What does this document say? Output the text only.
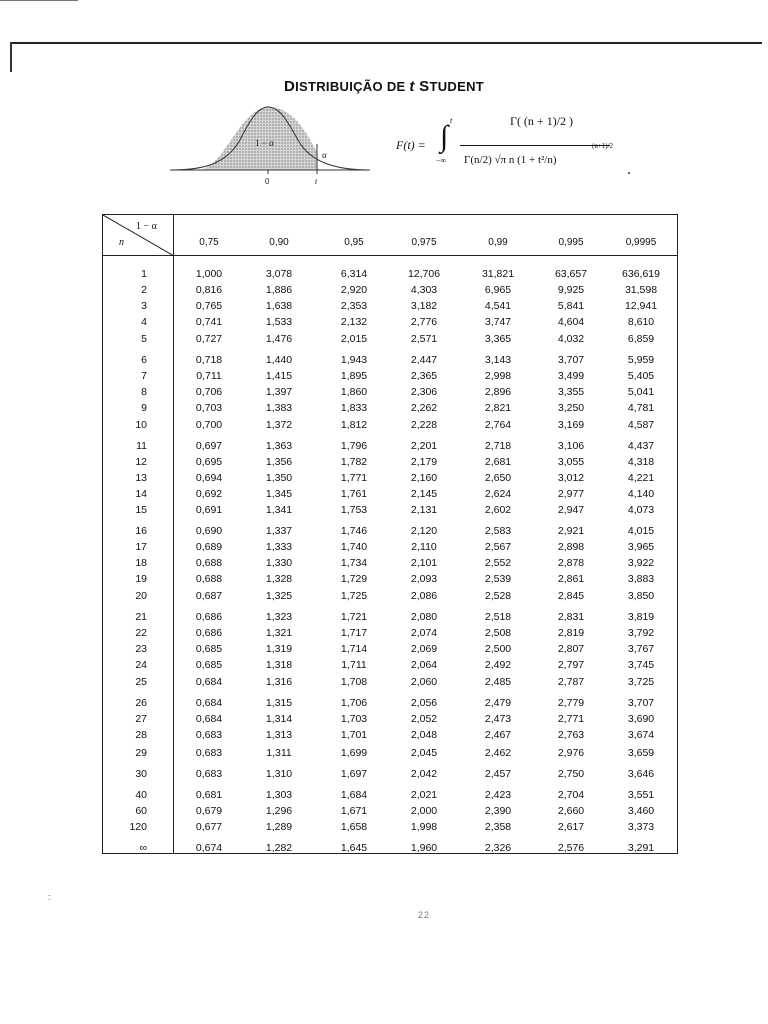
DISTRIBUIÇÃO DE t STUDENT
1 − α
α
0	t
F(t) = ∫ t
−∞
Γ( (n + 1)/2 )
Γ(n/2) √π n (1 + t²/n)
(n+1)/2
1 − α
n	0,75	0,90	0,95	0,975	0,99	0,995	0,9995
1	1,000	3,078	6,314	12,706	31,821	63,657	636,619
2	0,816	1,886	2,920	4,303	6,965	9,925	31,598
3	0,765	1,638	2,353	3,182	4,541	5,841	12,941
4	0,741	1,533	2,132	2,776	3,747	4,604	8,610
5	0,727	1,476	2,015	2,571	3,365	4,032	6,859
6	0,718	1,440	1,943	2,447	3,143	3,707	5,959
7	0,711	1,415	1,895	2,365	2,998	3,499	5,405
8	0,706	1,397	1,860	2,306	2,896	3,355	5,041
9	0,703	1,383	1,833	2,262	2,821	3,250	4,781
10	0,700	1,372	1,812	2,228	2,764	3,169	4,587
11	0,697	1,363	1,796	2,201	2,718	3,106	4,437
12	0,695	1,356	1,782	2,179	2,681	3,055	4,318
13	0,694	1,350	1,771	2,160	2,650	3,012	4,221
14	0,692	1,345	1,761	2,145	2,624	2,977	4,140
15	0,691	1,341	1,753	2,131	2,602	2,947	4,073
16	0,690	1,337	1,746	2,120	2,583	2,921	4,015
17	0,689	1,333	1,740	2,110	2,567	2,898	3,965
18	0,688	1,330	1,734	2,101	2,552	2,878	3,922
19	0,688	1,328	1,729	2,093	2,539	2,861	3,883
20	0,687	1,325	1,725	2,086	2,528	2,845	3,850
21	0,686	1,323	1,721	2,080	2,518	2,831	3,819
22	0,686	1,321	1,717	2,074	2,508	2,819	3,792
23	0,685	1,319	1,714	2,069	2,500	2,807	3,767
24	0,685	1,318	1,711	2,064	2,492	2,797	3,745
25	0,684	1,316	1,708	2,060	2,485	2,787	3,725
26	0,684	1,315	1,706	2,056	2,479	2,779	3,707
27	0,684	1,314	1,703	2,052	2,473	2,771	3,690
28	0,683	1,313	1,701	2,048	2,467	2,763	3,674
29	0,683	1,311	1,699	2,045	2,462	2,976	3,659
30	0,683	1,310	1,697	2,042	2,457	2,750	3,646
40	0,681	1,303	1,684	2,021	2,423	2,704	3,551
60	0,679	1,296	1,671	2,000	2,390	2,660	3,460
120	0,677	1,289	1,658	1,998	2,358	2,617	3,373
∞	0,674	1,282	1,645	1,960	2,326	2,576	3,291
:
22
